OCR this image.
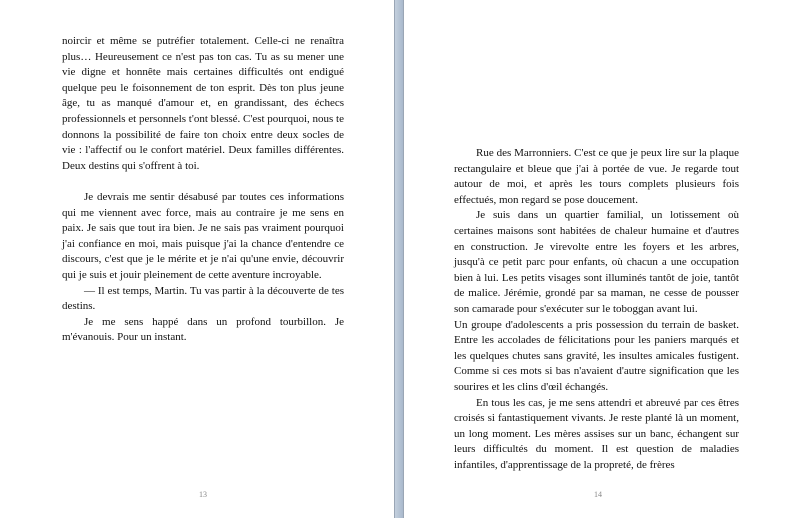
noircir et même se putréfier totalement. Celle-ci ne renaîtra plus… Heureusement ce n'est pas ton cas. Tu as su mener une vie digne et honnête mais certaines difficultés ont endigué quelque peu le foisonnement de ton esprit. Dès ton plus jeune âge, tu as manqué d'amour et, en grandissant, des échecs professionnels et personnels t'ont blessé. C'est pourquoi, nous te donnons la possibilité de faire ton choix entre deux socles de vie : l'affectif ou le confort matériel. Deux familles différentes. Deux destins qui s'offrent à toi.

Je devrais me sentir désabusé par toutes ces informations qui me viennent avec force, mais au contraire je me sens en paix. Je sais que tout ira bien. Je ne sais pas vraiment pourquoi j'ai confiance en moi, mais puisque j'ai la chance d'entendre ce discours, c'est que je le mérite et je n'ai qu'une envie, découvrir qui je suis et jouir pleinement de cette aventure incroyable.

— Il est temps, Martin. Tu vas partir à la découverte de tes destins.

Je me sens happé dans un profond tourbillon. Je m'évanouis. Pour un instant.

13

Rue des Marronniers. C'est ce que je peux lire sur la plaque rectangulaire et bleue que j'ai à portée de vue. Je regarde tout autour de moi, et après les tours complets plusieurs fois effectués, mon regard se pose doucement.

Je suis dans un quartier familial, un lotissement où certaines maisons sont habitées de chaleur humaine et d'autres en construction. Je virevolte entre les foyers et les arbres, jusqu'à ce petit parc pour enfants, où chacun a une occupation bien à lui. Les petits visages sont illuminés tantôt de joie, tantôt de malice. Jérémie, grondé par sa maman, ne cesse de pousser son camarade pour s'exécuter sur le toboggan avant lui.

Un groupe d'adolescents a pris possession du terrain de basket. Entre les accolades de félicitations pour les paniers marqués et les quelques chutes sans gravité, les insultes amicales fustigent. Comme si ces mots si bas n'avaient d'autre signification que les sourires et les clins d'œil échangés.

En tous les cas, je me sens attendri et abreuvé par ces êtres croisés si fantastiquement vivants. Je reste planté là un moment, un long moment. Les mères assises sur un banc, échangent sur leurs difficultés du moment. Il est question de maladies infantiles, d'apprentissage de la propreté, de frères

14
